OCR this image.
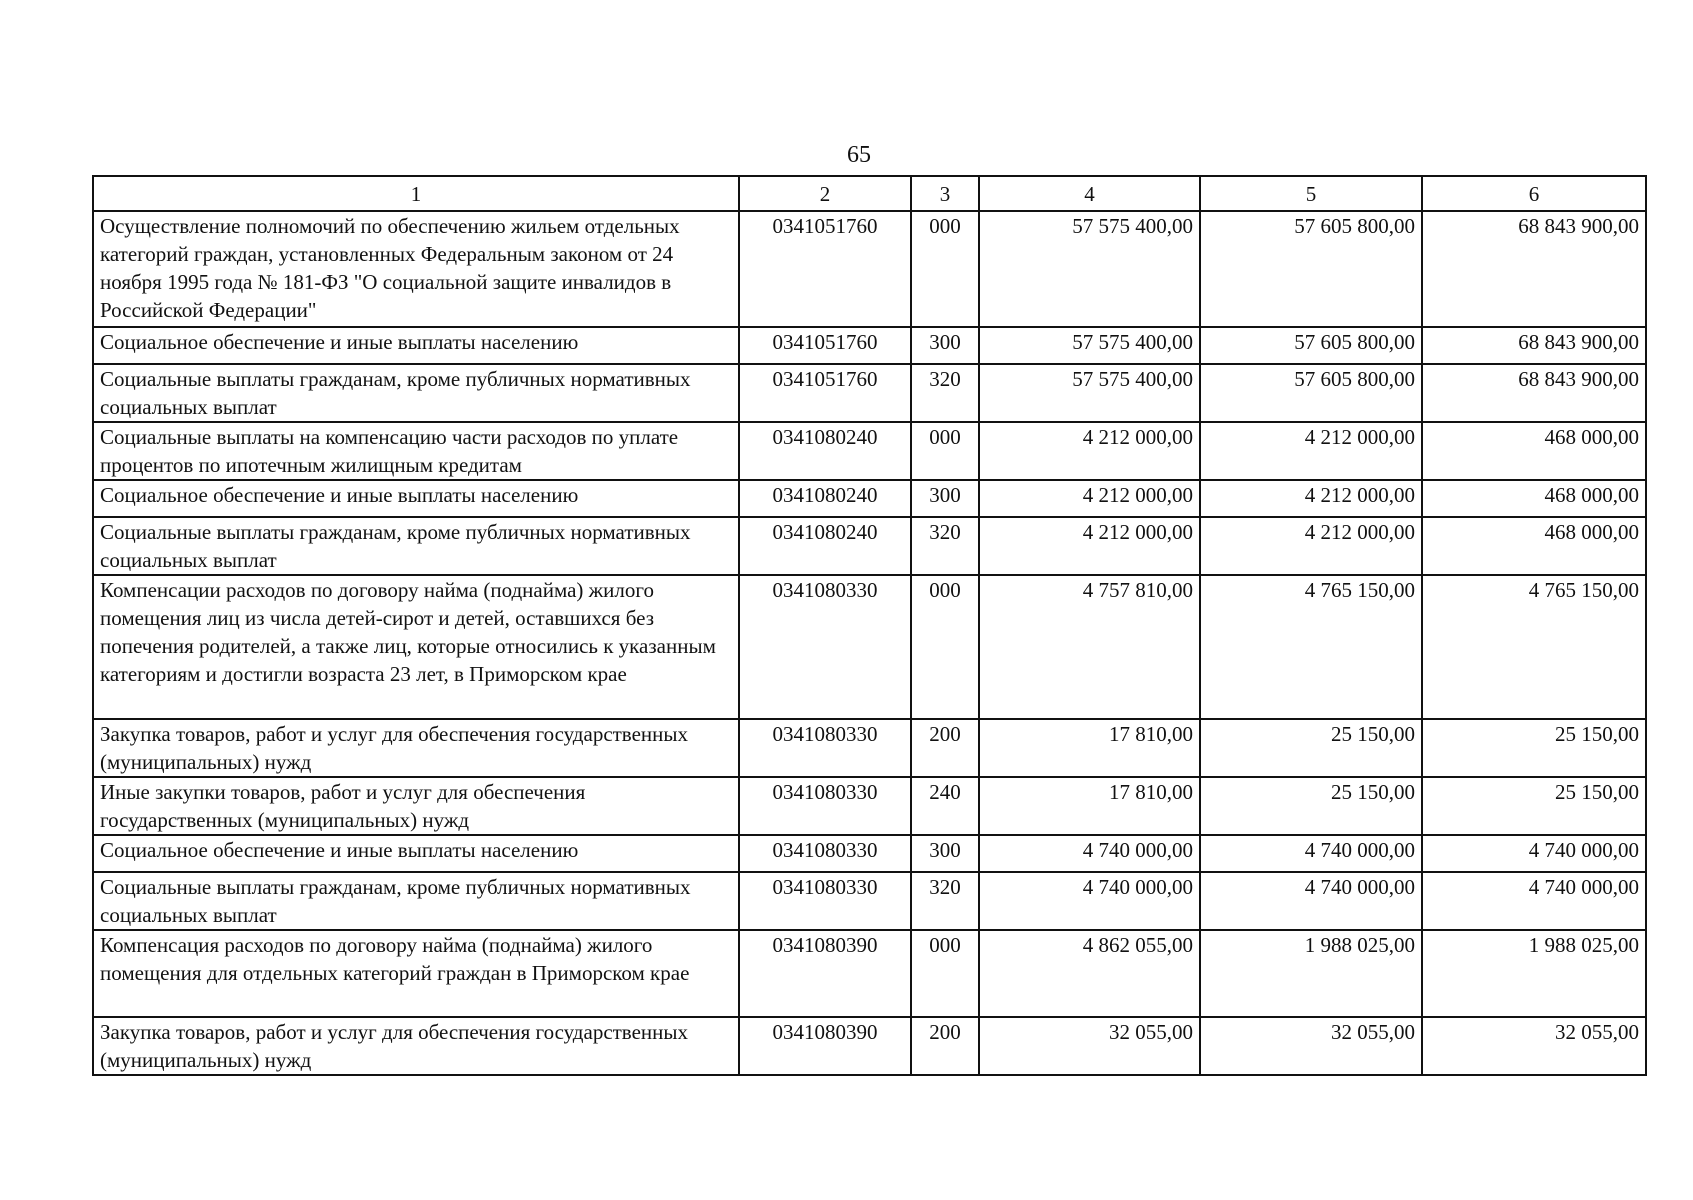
65
1	2	3	4	5	6
Осуществление полномочий по обеспечению жильем отдельных категорий граждан, установленных Федеральным законом от 24 ноября 1995 года № 181-ФЗ "О социальной защите инвалидов в Российской Федерации"	0341051760	000	57 575 400,00	57 605 800,00	68 843 900,00
Социальное обеспечение и иные выплаты населению	0341051760	300	57 575 400,00	57 605 800,00	68 843 900,00
Социальные выплаты гражданам, кроме публичных нормативных социальных выплат	0341051760	320	57 575 400,00	57 605 800,00	68 843 900,00
Социальные выплаты на компенсацию части расходов по уплате процентов по ипотечным жилищным кредитам	0341080240	000	4 212 000,00	4 212 000,00	468 000,00
Социальное обеспечение и иные выплаты населению	0341080240	300	4 212 000,00	4 212 000,00	468 000,00
Социальные выплаты гражданам, кроме публичных нормативных социальных выплат	0341080240	320	4 212 000,00	4 212 000,00	468 000,00
Компенсации расходов по договору найма (поднайма) жилого помещения лиц из числа детей-сирот и детей, оставшихся без попечения родителей, а также лиц, которые относились к указанным категориям и достигли возраста 23 лет, в Приморском крае	0341080330	000	4 757 810,00	4 765 150,00	4 765 150,00
Закупка товаров, работ и услуг для обеспечения государственных (муниципальных) нужд	0341080330	200	17 810,00	25 150,00	25 150,00
Иные закупки товаров, работ и услуг для обеспечения государственных (муниципальных) нужд	0341080330	240	17 810,00	25 150,00	25 150,00
Социальное обеспечение и иные выплаты населению	0341080330	300	4 740 000,00	4 740 000,00	4 740 000,00
Социальные выплаты гражданам, кроме публичных нормативных социальных выплат	0341080330	320	4 740 000,00	4 740 000,00	4 740 000,00
Компенсация расходов по договору найма (поднайма) жилого помещения для отдельных категорий граждан в Приморском крае	0341080390	000	4 862 055,00	1 988 025,00	1 988 025,00
Закупка товаров, работ и услуг для обеспечения государственных (муниципальных) нужд	0341080390	200	32 055,00	32 055,00	32 055,00
